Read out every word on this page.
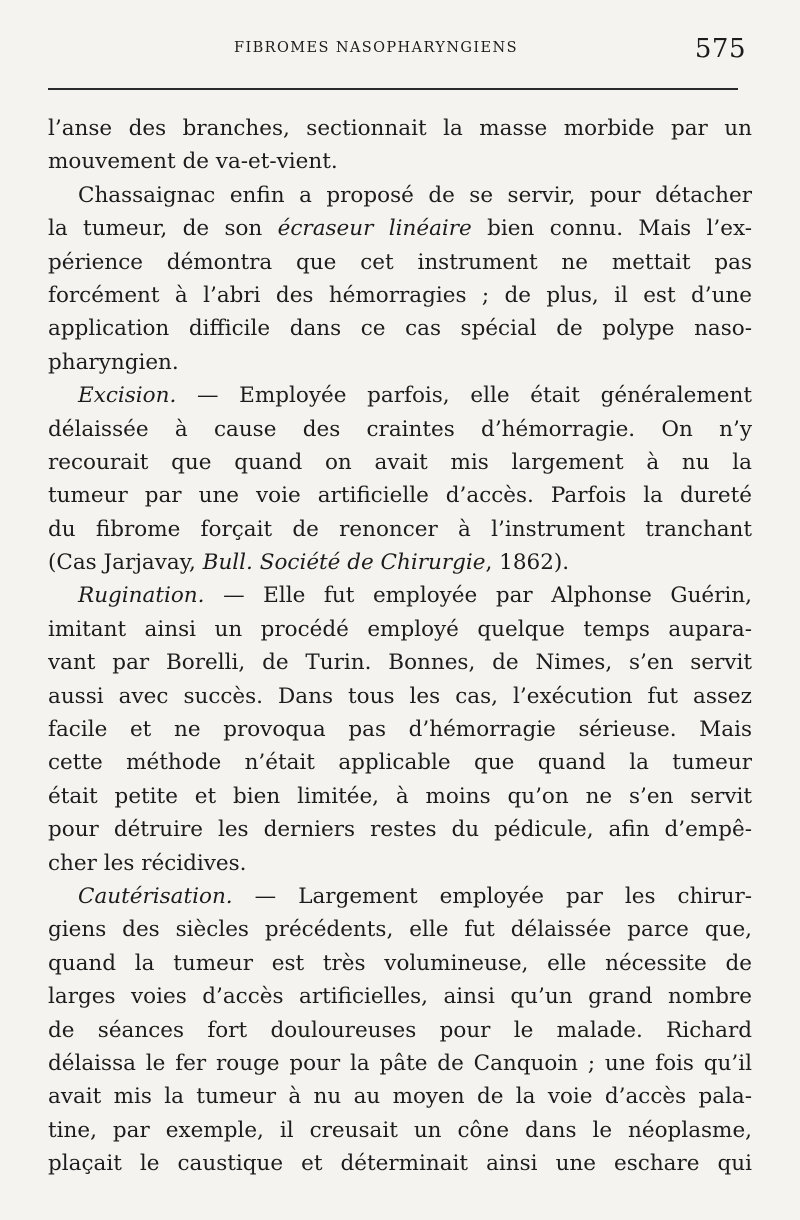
FIBROMES NASOPHARYNGIENS	575
l’anse des branches, sectionnait la masse morbide par un
mouvement de va-et-vient.
Chassaignac enfin a proposé de se servir, pour détacher
la tumeur, de son écraseur linéaire bien connu. Mais l’ex-
périence démontra que cet instrument ne mettait pas
forcément à l’abri des hémorragies ; de plus, il est d’une
application difficile dans ce cas spécial de polype naso-
pharyngien.
Excision. — Employée parfois, elle était généralement
délaissée à cause des craintes d’hémorragie. On n’y
recourait que quand on avait mis largement à nu la
tumeur par une voie artificielle d’accès. Parfois la dureté
du fibrome forçait de renoncer à l’instrument tranchant
(Cas Jarjavay, Bull. Société de Chirurgie, 1862).
Rugination. — Elle fut employée par Alphonse Guérin,
imitant ainsi un procédé employé quelque temps aupara-
vant par Borelli, de Turin. Bonnes, de Nimes, s’en servit
aussi avec succès. Dans tous les cas, l’exécution fut assez
facile et ne provoqua pas d’hémorragie sérieuse. Mais
cette méthode n’était applicable que quand la tumeur
était petite et bien limitée, à moins qu’on ne s’en servit
pour détruire les derniers restes du pédicule, afin d’empê-
cher les récidives.
Cautérisation. — Largement employée par les chirur-
giens des siècles précédents, elle fut délaissée parce que,
quand la tumeur est très volumineuse, elle nécessite de
larges voies d’accès artificielles, ainsi qu’un grand nombre
de séances fort douloureuses pour le malade. Richard
délaissa le fer rouge pour la pâte de Canquoin ; une fois qu’il
avait mis la tumeur à nu au moyen de la voie d’accès pala-
tine, par exemple, il creusait un cône dans le néoplasme,
plaçait le caustique et déterminait ainsi une eschare qui
